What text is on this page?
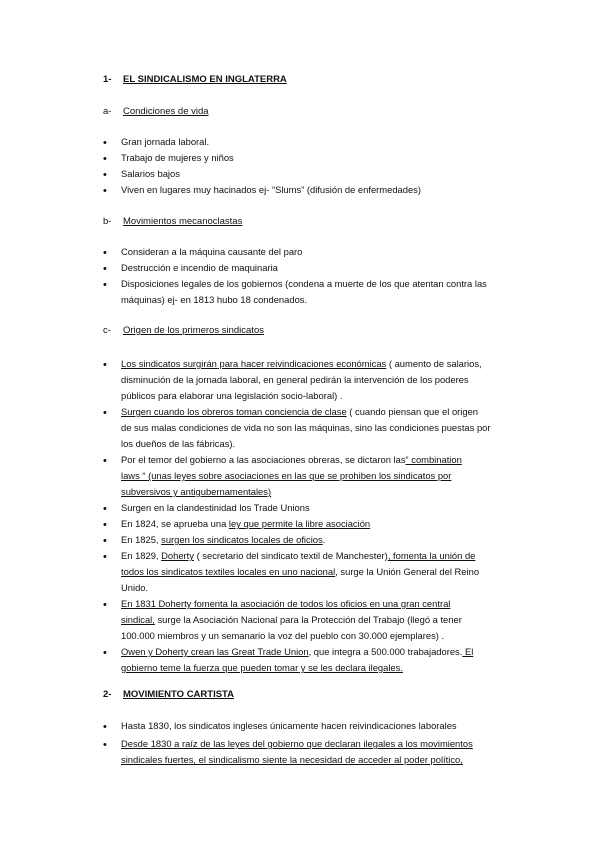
1- EL SINDICALISMO EN INGLATERRA
a- Condiciones de vida
• Gran jornada laboral.
• Trabajo de mujeres y niños
• Salarios bajos
• Viven en lugares muy hacinados ej- “Slums” (difusión de enfermedades)
b- Movimientos mecanoclastas
• Consideran a la máquina causante del paro
• Destrucción e incendio de maquinaria
• Disposiciones legales de los gobiernos (condena a muerte de los que atentan contra las
máquinas) ej- en 1813 hubo 18 condenados.
c- Origen de los primeros sindicatos
• Los sindicatos surgirán para hacer reivindicaciones económicas ( aumento de salarios,
disminución de la jornada laboral, en general pedirán la intervención de los poderes
públicos para elaborar una legislación socio-laboral) .
• Surgen cuando los obreros toman conciencia de clase ( cuando piensan que el origen
de sus malas condiciones de vida no son las máquinas, sino las condiciones puestas por
los dueños de las fábricas).
• Por el temor del gobierno a las asociaciones obreras, se dictaron las“ combination
laws “ (unas leyes sobre asociaciones en las que se prohiben los sindicatos por
subversivos y antigubernamentales)
• Surgen en la clandestinidad los Trade Unions
• En 1824, se aprueba una ley que permite la libre asociación
• En 1825, surgen los sindicatos locales de oficios.
• En 1829, Doherty ( secretario del sindicato textil de Manchester), fomenta la unión de
todos los sindicatos textiles locales en uno nacional, surge la Unión General del Reino
Unido.
• En 1831 Doherty fomenta la asociación de todos los oficios en una gran central
sindical, surge la Asociación Nacional para la Protección del Trabajo (llegó a tener
100.000 miembros y un semanario la voz del pueblo con 30.000 ejemplares) .
• Owen y Doherty crean las Great Trade Union, que integra a 500.000 trabajadores. El
gobierno teme la fuerza que pueden tomar y se les declara ilegales.
2- MOVIMIENTO CARTISTA
• Hasta 1830, los sindicatos ingleses únicamente hacen reivindicaciones laborales
• Desde 1830 a raíz de las leyes del gobierno que declaran ilegales a los movimientos
sindicales fuertes, el sindicalismo siente la necesidad de acceder al poder político,
